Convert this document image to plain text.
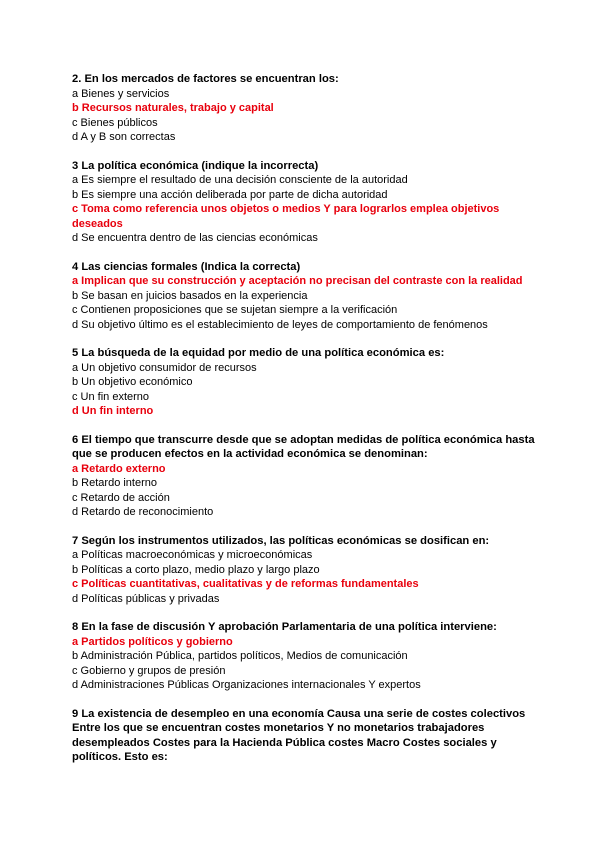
2. En los mercados de factores se encuentran los:

a Bienes y servicios

b Recursos naturales, trabajo y capital

c Bienes públicos

d A y B son correctas

3 La política económica (indique la incorrecta)

a Es siempre el resultado de una decisión consciente de la autoridad

b Es siempre una acción deliberada por parte de dicha autoridad

c Toma como referencia unos objetos o medios Y para lograrlos emplea objetivos deseados

d Se encuentra dentro de las ciencias económicas

4 Las ciencias formales (Indica la correcta)

a Implican que su construcción y aceptación no precisan del contraste con la realidad

b Se basan en juicios basados en la experiencia

c Contienen proposiciones que se sujetan siempre a la verificación

d Su objetivo último es el establecimiento de leyes de comportamiento de fenómenos

5 La búsqueda de la equidad por medio de una política económica es:

a Un objetivo consumidor de recursos

b Un objetivo económico

c Un fin externo

d Un fin interno

6 El tiempo que transcurre desde que se adoptan medidas de política económica hasta que se producen efectos en la actividad económica se denominan:

a Retardo externo

b Retardo interno

c Retardo de acción

d Retardo de reconocimiento

7 Según los instrumentos utilizados, las políticas económicas se dosifican en:

a Políticas macroeconómicas y microeconómicas

b Políticas a corto plazo, medio plazo y largo plazo

c Políticas cuantitativas, cualitativas y de reformas fundamentales

d Políticas públicas y privadas

8 En la fase de discusión Y aprobación Parlamentaria de una política interviene:

a Partidos políticos y gobierno

b Administración Pública, partidos políticos, Medios de comunicación

c Gobierno y grupos de presión

d Administraciones Públicas Organizaciones internacionales Y expertos

9 La existencia de desempleo en una economía Causa una serie de costes colectivos Entre los que se encuentran costes monetarios Y no monetarios trabajadores desempleados Costes para la Hacienda Pública costes Macro Costes sociales y políticos. Esto es:
